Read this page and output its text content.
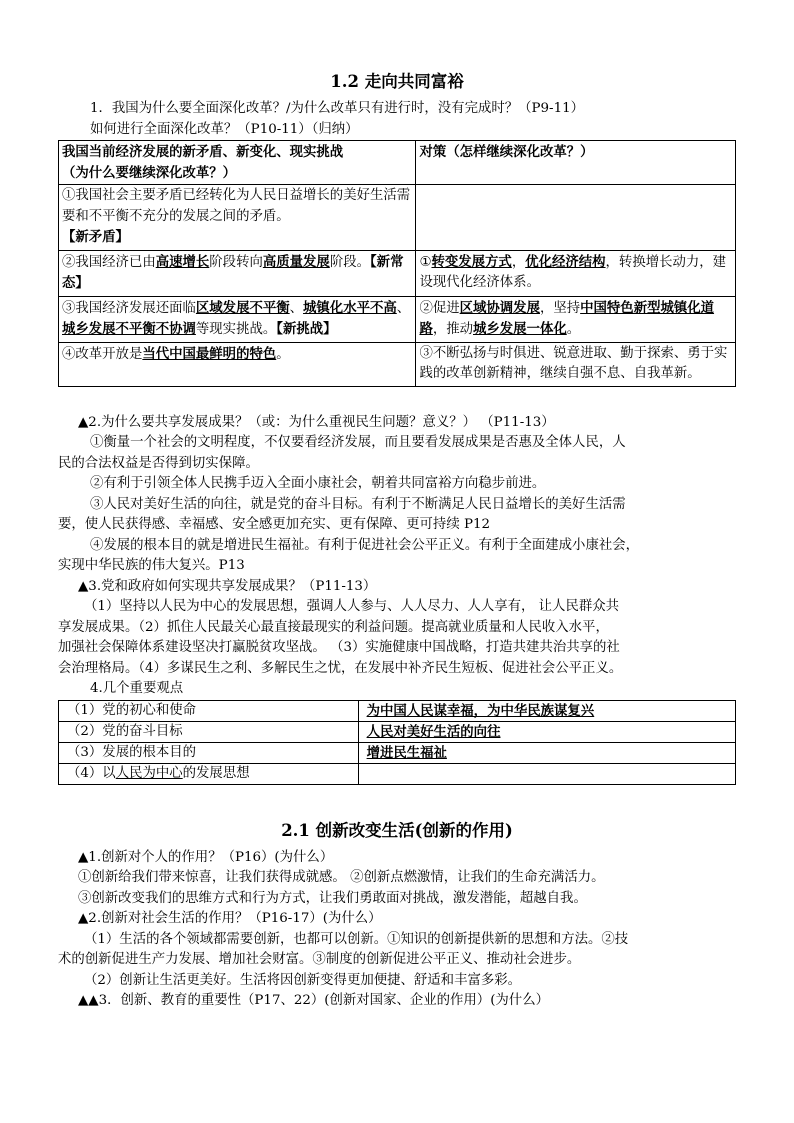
1.2 走向共同富裕
1．我国为什么要全面深化改革？/为什么改革只有进行时，没有完成时？（P9-11）
如何进行全面深化改革？（P10-11）（归纳）
我国当前经济发展的新矛盾、新变化、现实挑战
（为什么要继续深化改革？）	对策（怎样继续深化改革？）
①我国社会主要矛盾已经转化为人民日益增长的美好生活需要和不平衡不充分的发展之间的矛盾。
【新矛盾】	
②我国经济已由高速增长阶段转向高质量发展阶段。【新常态】	①转变发展方式，优化经济结构，转换增长动力，建设现代化经济体系。
③我国经济发展还面临区域发展不平衡、城镇化水平不高、城乡发展不平衡不协调等现实挑战。【新挑战】	②促进区域协调发展，坚持中国特色新型城镇化道路，推动城乡发展一体化。
④改革开放是当代中国最鲜明的特色。	③不断弘扬与时俱进、锐意进取、勤于探索、勇于实践的改革创新精神，继续自强不息、自我革新。
▲2.为什么要共享发展成果？（或：为什么重视民生问题？意义？） （P11-13）
①衡量一个社会的文明程度，不仅要看经济发展，而且要看发展成果是否惠及全体人民，人
民的合法权益是否得到切实保障。
②有利于引领全体人民携手迈入全面小康社会，朝着共同富裕方向稳步前进。
③人民对美好生活的向往，就是党的奋斗目标。有利于不断满足人民日益增长的美好生活需
要，使人民获得感、幸福感、安全感更加充实、更有保障、更可持续 P12
④发展的根本目的就是增进民生福祉。有利于促进社会公平正义。有利于全面建成小康社会，
实现中华民族的伟大复兴。P13
▲3.党和政府如何实现共享发展成果？（P11-13）
（1）坚持以人民为中心的发展思想，强调人人参与、人人尽力、人人享有， 让人民群众共
享发展成果。（2）抓住人民最关心最直接最现实的利益问题。提高就业质量和人民收入水平，
加强社会保障体系建设坚决打赢脱贫攻坚战。 （3）实施健康中国战略，打造共建共治共享的社
会治理格局。（4）多谋民生之利、多解民生之忧，在发展中补齐民生短板、促进社会公平正义。
4.几个重要观点
（1）党的初心和使命	为中国人民谋幸福，为中华民族谋复兴
（2）党的奋斗目标	人民对美好生活的向往
（3）发展的根本目的	增进民生福祉
（4）以人民为中心的发展思想	
2.1 创新改变生活(创新的作用)
▲1.创新对个人的作用？（P16）(为什么）
①创新给我们带来惊喜，让我们获得成就感。 ②创新点燃激情，让我们的生命充满活力。
③创新改变我们的思维方式和行为方式，让我们勇敢面对挑战，激发潜能，超越自我。
▲2.创新对社会生活的作用？（P16-17）(为什么）
（1）生活的各个领域都需要创新，也都可以创新。①知识的创新提供新的思想和方法。②技
术的创新促进生产力发展、增加社会财富。③制度的创新促进公平正义、推动社会进步。
（2）创新让生活更美好。生活将因创新变得更加便捷、舒适和丰富多彩。
▲▲3．创新、教育的重要性（P17、22）(创新对国家、企业的作用）(为什么）
